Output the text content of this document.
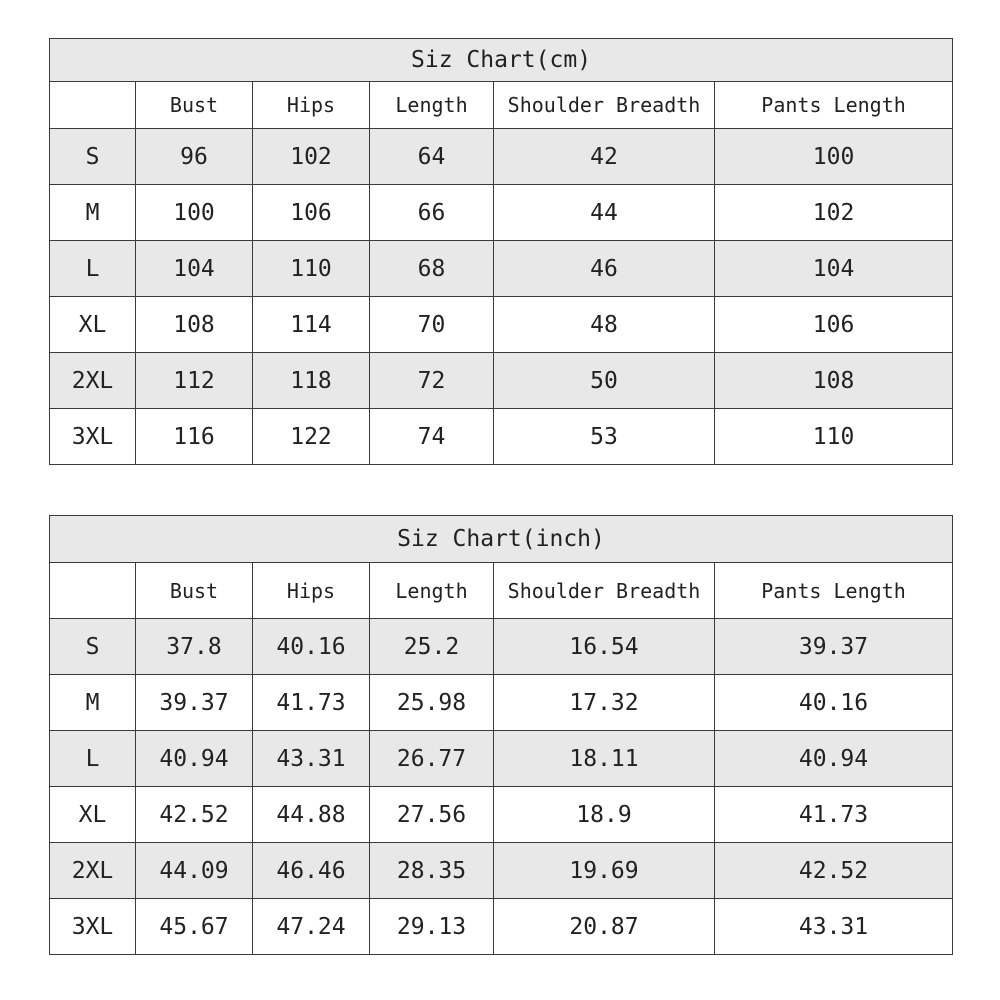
Siz Chart(cm)					
	Bust	Hips	Length	Shoulder Breadth	Pants Length
S	96	102	64	42	100
M	100	106	66	44	102
L	104	110	68	46	104
XL	108	114	70	48	106
2XL	112	118	72	50	108
3XL	116	122	74	53	110
Siz Chart(inch)					
	Bust	Hips	Length	Shoulder Breadth	Pants Length
S	37.8	40.16	25.2	16.54	39.37
M	39.37	41.73	25.98	17.32	40.16
L	40.94	43.31	26.77	18.11	40.94
XL	42.52	44.88	27.56	18.9	41.73
2XL	44.09	46.46	28.35	19.69	42.52
3XL	45.67	47.24	29.13	20.87	43.31
